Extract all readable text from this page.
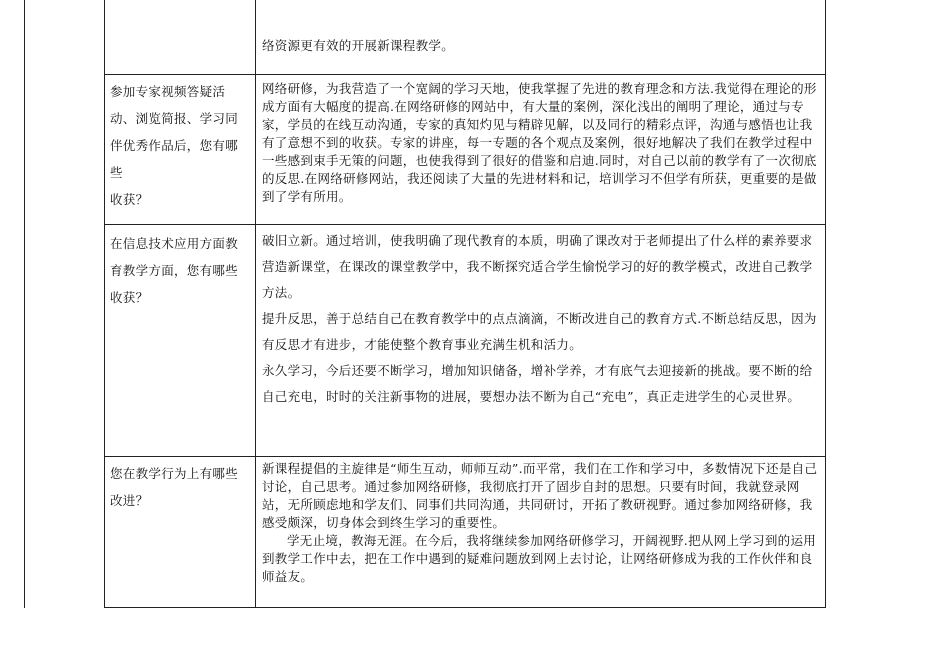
络资源更有效的开展新课程教学。

参加专家视频答疑活
动、浏览简报、学习同
伴优秀作品后，您有哪些
收获？

网络研修，为我营造了一个宽阔的学习天地，使我掌握了先进的教育理念和方法.我觉得在理论的形成方面有大幅度的提高.在网络研修的网站中，有大量的案例，深化浅出的阐明了理论，通过与专家，学员的在线互动沟通，专家的真知灼见与精辟见解，以及同行的精彩点评，沟通与感悟也让我有了意想不到的收获。专家的讲座，每一专题的各个观点及案例，很好地解决了我们在教学过程中一些感到束手无策的问题，也使我得到了很好的借鉴和启迪.同时，对自己以前的教学有了一次彻底的反思.在网络研修网站，我还阅读了大量的先进材料和记，培训学习不但学有所获，更重要的是做到了学有所用。

在信息技术应用方面教
育教学方面，您有哪些
收获？

破旧立新。通过培训，使我明确了现代教育的本质，明确了课改对于老师提出了什么样的素养要求

营造新课堂，在课改的课堂教学中，我不断探究适合学生愉悦学习的好的教学模式，改进自己教学方法。

提升反思，善于总结自己在教育教学中的点点滴滴，不断改进自己的教育方式.不断总结反思，因为有反思才有进步，才能使整个教育事业充满生机和活力。

永久学习，今后还要不断学习，增加知识储备，增补学养，才有底气去迎接新的挑战。要不断的给自己充电，时时的关注新事物的进展，要想办法不断为自己“充电”，真正走进学生的心灵世界。

您在教学行为上有哪些
改进？

新课程提倡的主旋律是“师生互动，师师互动”.而平常，我们在工作和学习中，多数情况下还是自己讨论，自己思考。通过参加网络研修，我彻底打开了固步自封的思想。只要有时间，我就登录网站，无所顾虑地和学友们、同事们共同沟通，共同研讨，开拓了教研视野。通过参加网络研修，我感受颇深，切身体会到终生学习的重要性。

学无止境，教海无涯。在今后，我将继续参加网络研修学习，开阔视野.把从网上学习到的运用到教学工作中去，把在工作中遇到的疑难问题放到网上去讨论，让网络研修成为我的工作伙伴和良师益友。
